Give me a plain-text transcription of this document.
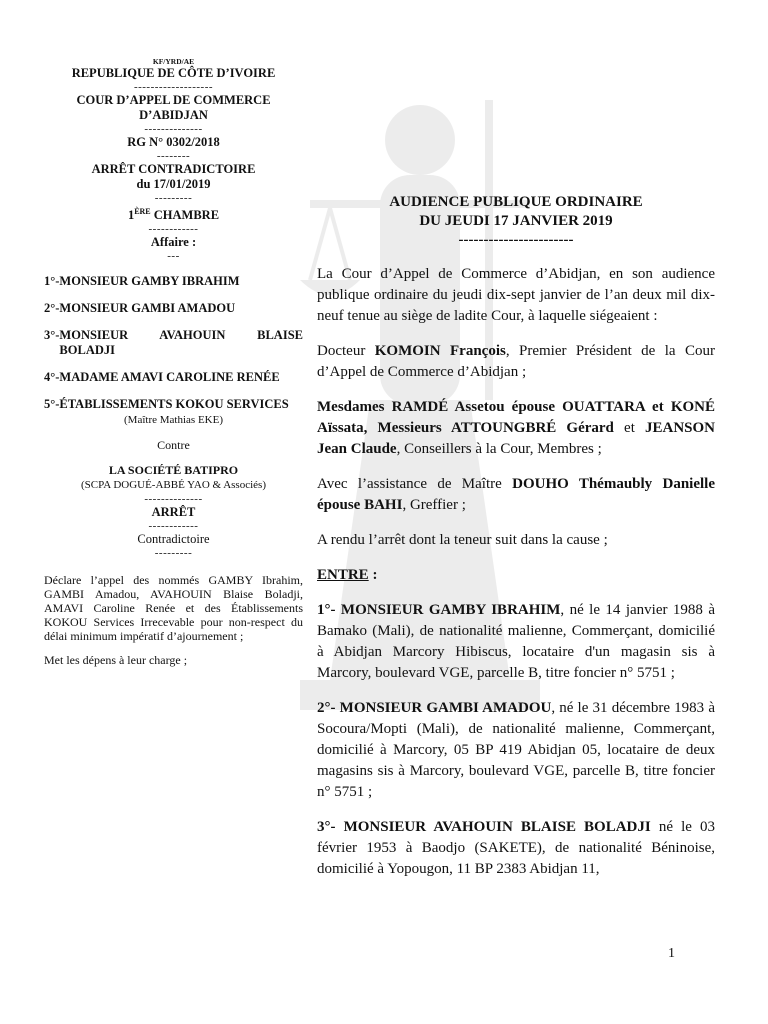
KF/YRD/AE
REPUBLIQUE DE CÔTE D’IVOIRE
-------------------
COUR D’APPEL DE COMMERCE
D’ABIDJAN
--------------
RG N° 0302/2018
--------
ARRÊT CONTRADICTOIRE
du 17/01/2019
---------
1ÈRE CHAMBRE
------------
Affaire :
---
1°- MONSIEUR GAMBY IBRAHIM
2°- MONSIEUR GAMBI AMADOU
3°- MONSIEUR AVAHOUIN BLAISE BOLADJI
4°- MADAME AMAVI CAROLINE RENÉE
5°- ÉTABLISSEMENTS KOKOU SERVICES
(Maître Mathias EKE)
Contre
LA SOCIÉTÉ BATIPRO
(SCPA DOGUÉ-ABBÉ YAO & Associés)
--------------
ARRÊT
------------
Contradictoire
---------
Déclare l’appel des nommés GAMBY Ibrahim, GAMBI Amadou, AVAHOUIN Blaise Boladji, AMAVI Caroline Renée et des Établissements KOKOU Services Irrecevable pour non-respect du délai minimum impératif d’ajournement ;
Met les dépens à leur charge ;
AUDIENCE PUBLIQUE ORDINAIRE
DU JEUDI 17 JANVIER 2019
-----------------------

La Cour d’Appel de Commerce d’Abidjan, en son audience publique ordinaire du jeudi dix-sept janvier de l’an deux mil dix-neuf tenue au siège de ladite Cour, à laquelle siégeaient :

Docteur KOMOIN François, Premier Président de la Cour d’Appel de Commerce d’Abidjan ;

Mesdames RAMDÉ Assetou épouse OUATTARA et KONÉ Aïssata, Messieurs ATTOUNGBRÉ Gérard et JEANSON Jean Claude, Conseillers à la Cour, Membres ;

Avec l’assistance de Maître DOUHO Thémaubly Danielle épouse BAHI, Greffier ;

A rendu l’arrêt dont la teneur suit dans la cause ;

ENTRE :

1°- MONSIEUR GAMBY IBRAHIM, né le 14 janvier 1988 à Bamako (Mali), de nationalité malienne, Commerçant, domicilié à Abidjan Marcory Hibiscus, locataire d'un magasin sis à Marcory, boulevard VGE, parcelle B, titre foncier n° 5751 ;

2°- MONSIEUR GAMBI AMADOU, né le 31 décembre 1983 à Socoura/Mopti (Mali), de nationalité malienne, Commerçant, domicilié à Marcory, 05 BP 419 Abidjan 05, locataire de deux magasins sis à Marcory, boulevard VGE, parcelle B, titre foncier n° 5751 ;

3°- MONSIEUR AVAHOUIN BLAISE BOLADJI né le 03 février 1953 à Baodjo (SAKETE), de nationalité Béninoise, domicilié à Yopougon, 11 BP 2383 Abidjan 11,

1
